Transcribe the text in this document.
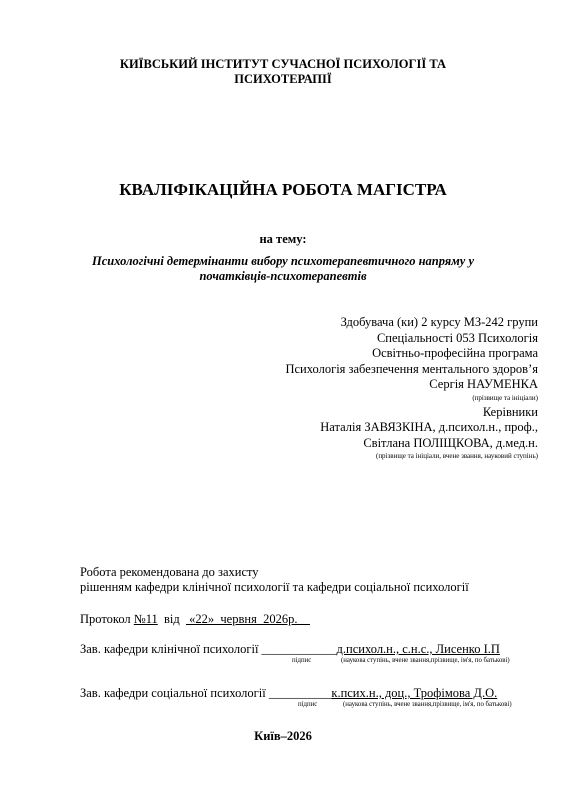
КИЇВСЬКИЙ ІНСТИТУТ СУЧАСНОЇ ПСИХОЛОГІЇ ТА
ПСИХОТЕРАПІЇ
КВАЛІФІКАЦІЙНА РОБОТА МАГІСТРА
на тему:
Психологічні детермінанти вибору психотерапевтичного напряму у
початківців-психотерапевтів
Здобувача (ки) 2 курсу МЗ-242 групи
Спеціальності 053 Психологія
Освітньо-професійна програма
Психологія забезпечення ментального здоров’я
Сергія НАУМЕНКА
(прізвище та ініціали)
Керівники
Наталія ЗАВЯЗКІНА, д.психол.н., проф.,
Світлана ПОЛІЩКОВА, д.мед.н.
(прізвище та ініціали, вчене звання, науковий ступінь)
Робота рекомендована до захисту
рішенням кафедри клінічної психології та кафедри соціальної психології
Протокол №11  від   «22»  червня  2026р.
Зав. кафедри клінічної психології ____________д.психол.н., с.н.с., Лисенко І.П
підпис	(наукова ступінь, вчене звання,прізвище, ім'я, по батькові)
Зав. кафедри соціальної психології __________к.псих.н., доц., Трофімова Д.О.
підпис	(наукова ступінь, вчене звання,прізвище, ім'я, по батькові)
Київ–2026
